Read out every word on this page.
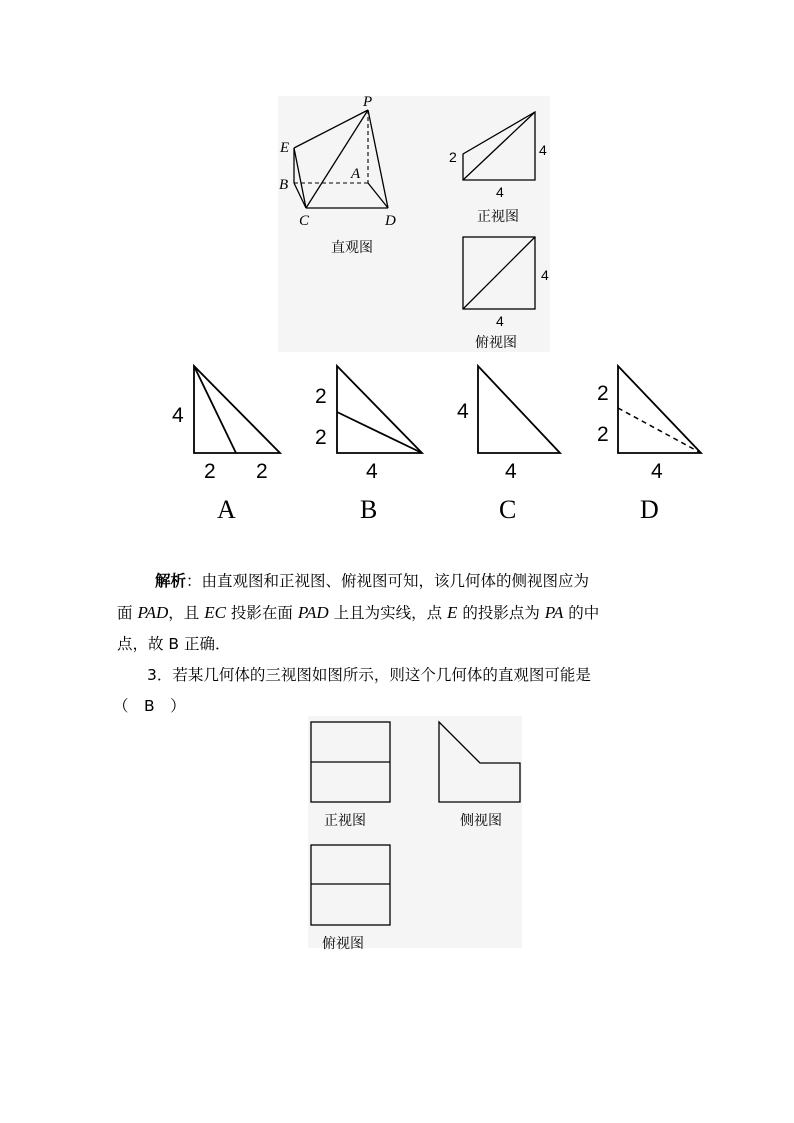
P
E
B
A
C	D
直观图
2	4
4
正视图
4
4
俯视图
4
2 2
A
2
2
4
B
4
4
C
2
2
4
D
解析：由直观图和正视图、俯视图可知，该几何体的侧视图应为
面 PAD，且 EC 投影在面 PAD 上且为实线，点 E 的投影点为 PA 的中
点，故 B 正确．
3．若某几何体的三视图如图所示，则这个几何体的直观图可能是
（　B　）
正视图	侧视图
俯视图
